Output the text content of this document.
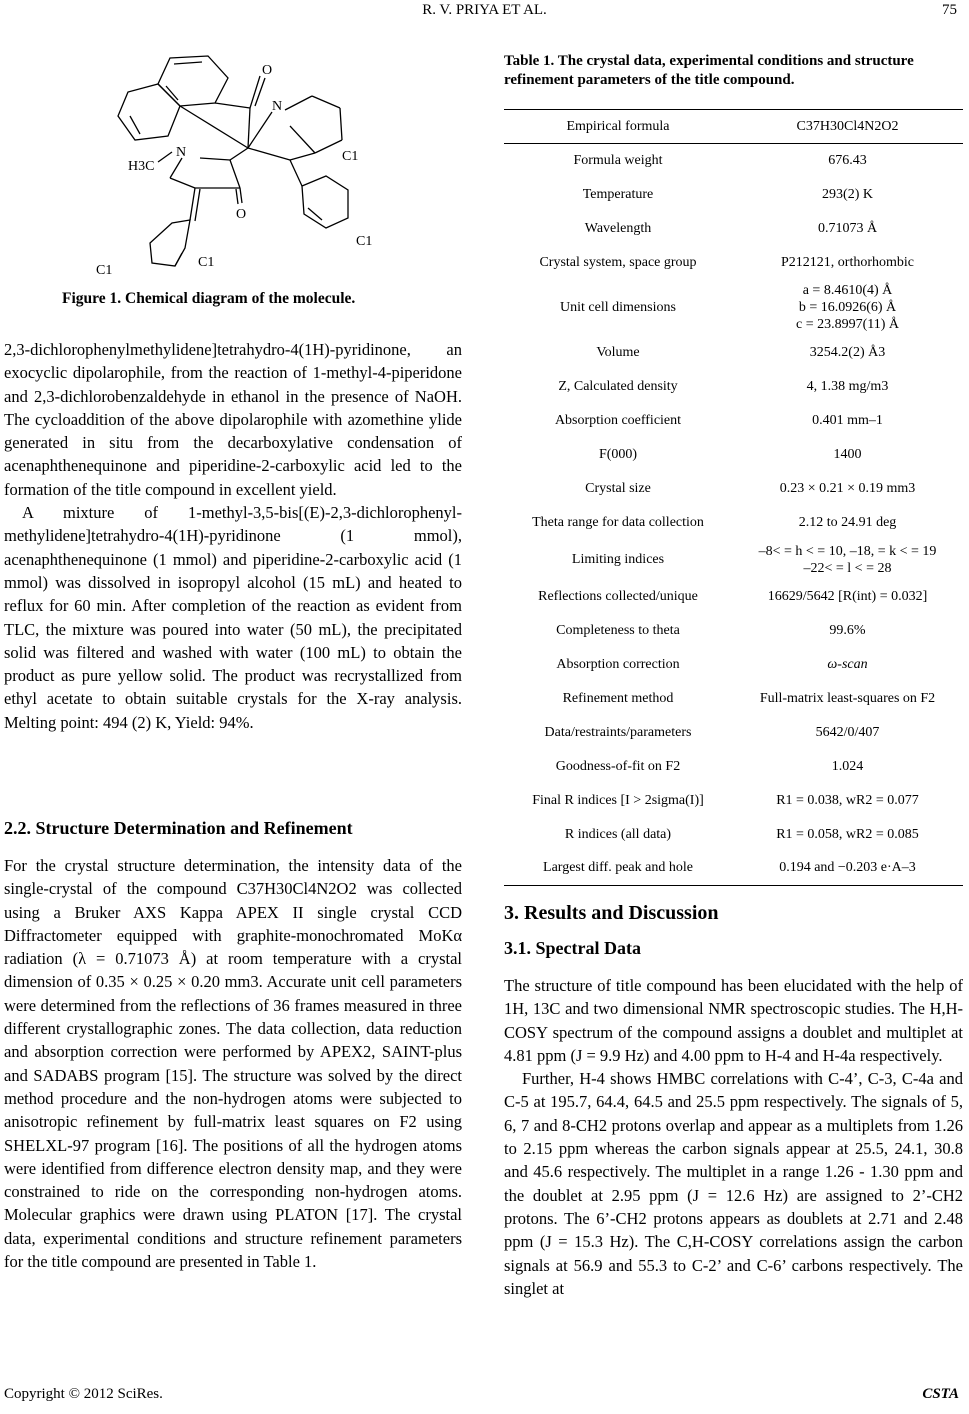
R. V. PRIYA ET AL.	75
O
N
N
H3C
O
C1
C1
C1
C1
Figure 1. Chemical diagram of the molecule.

2,3-dichlorophenylmethylidene]tetrahydro-4(1H)-pyridinone, an exocyclic dipolarophile, from the reaction of 1-methyl-4-piperidone and 2,3-dichlorobenzaldehyde in ethanol in the presence of NaOH. The cycloaddition of the above dipolarophile with azomethine ylide generated in situ from the decarboxylative condensation of acenaphthenequinone and piperidine-2-carboxylic acid led to the formation of the title compound in excellent yield.

A mixture of 1-methyl-3,5-bis[(E)-2,3-dichlorophenyl-methylidene]tetrahydro-4(1H)-pyridinone (1 mmol), acenaphthenequinone (1 mmol) and piperidine-2-carboxylic acid (1 mmol) was dissolved in isopropyl alcohol (15 mL) and heated to reflux for 60 min. After completion of the reaction as evident from TLC, the mixture was poured into water (50 mL), the precipitated solid was filtered and washed with water (100 mL) to obtain the product as pure yellow solid. The product was recrystallized from ethyl acetate to obtain suitable crystals for the X-ray analysis. Melting point: 494 (2) K, Yield: 94%.

2.2. Structure Determination and Refinement
For the crystal structure determination, the intensity data of the single-crystal of the compound C37H30Cl4N2O2 was collected using a Bruker AXS Kappa APEX II single crystal CCD Diffractometer equipped with graphite-monochromated MoKα radiation (λ = 0.71073 Å) at room temperature with a crystal dimension of 0.35 × 0.25 × 0.20 mm3. Accurate unit cell parameters were determined from the reflections of 36 frames measured in three different crystallographic zones. The data collection, data reduction and absorption correction were performed by APEX2, SAINT-plus and SADABS program [15]. The structure was solved by the direct method procedure and the non-hydrogen atoms were subjected to anisotropic refinement by full-matrix least squares on F2 using SHELXL-97 program [16]. The positions of all the hydrogen atoms were identified from difference electron density map, and they were constrained to ride on the corresponding non-hydrogen atoms. Molecular graphics were drawn using PLATON [17]. The crystal data, experimental conditions and structure refinement parameters for the title compound are presented in Table 1.
Table 1. The crystal data, experimental conditions and structure refinement parameters of the title compound.
Empirical formula	C37H30Cl4N2O2
Formula weight	676.43
Temperature	293(2) K
Wavelength	0.71073 Å
Crystal system, space group	P212121, orthorhombic
Unit cell dimensions	a = 8.4610(4) Å
b = 16.0926(6) Å
c = 23.8997(11) Å

Volume	3254.2(2) Å3
Z, Calculated density	4, 1.38 mg/m3
Absorption coefficient	0.401 mm–1
F(000)	1400
Crystal size	0.23 × 0.21 × 0.19 mm3
Theta range for data collection	2.12 to 24.91 deg
Limiting indices	–8< = h < = 10, –18, = k < = 19
–22< = l < = 28

Reflections collected/unique	16629/5642 [R(int) = 0.032]
Completeness to theta	99.6%
Absorption correction	ω-scan
Refinement method	Full-matrix least-squares on F2
Data/restraints/parameters	5642/0/407
Goodness-of-fit on F2	1.024
Final R indices [I > 2sigma(I)]	R1 = 0.038, wR2 = 0.077
R indices (all data)	R1 = 0.058, wR2 = 0.085
Largest diff. peak and hole	0.194 and −0.203 e·A–3
3. Results and Discussion
3.1. Spectral Data

The structure of title compound has been elucidated with the help of 1H, 13C and two dimensional NMR spectroscopic studies. The H,H-COSY spectrum of the compound assigns a doublet and multiplet at 4.81 ppm (J = 9.9 Hz) and 4.00 ppm to H-4 and H-4a respectively.

Further, H-4 shows HMBC correlations with C-4’, C-3, C-4a and C-5 at 195.7, 64.4, 64.5 and 25.5 ppm respectively. The signals of 5, 6, 7 and 8-CH2 protons overlap and appear as a multiplets from 1.26 to 2.15 ppm whereas the carbon signals appear at 25.5, 24.1, 30.8 and 45.6 respectively. The multiplet in a range 1.26 - 1.30 ppm and the doublet at 2.95 ppm (J = 12.6 Hz) are assigned to 2’-CH2 protons. The 6’-CH2 protons appears as doublets at 2.71 and 2.48 ppm (J = 15.3 Hz). The C,H-COSY correlations assign the carbon signals at 56.9 and 55.3 to C-2’ and C-6’ carbons respectively. The singlet at

Copyright © 2012 SciRes.	CSTA
